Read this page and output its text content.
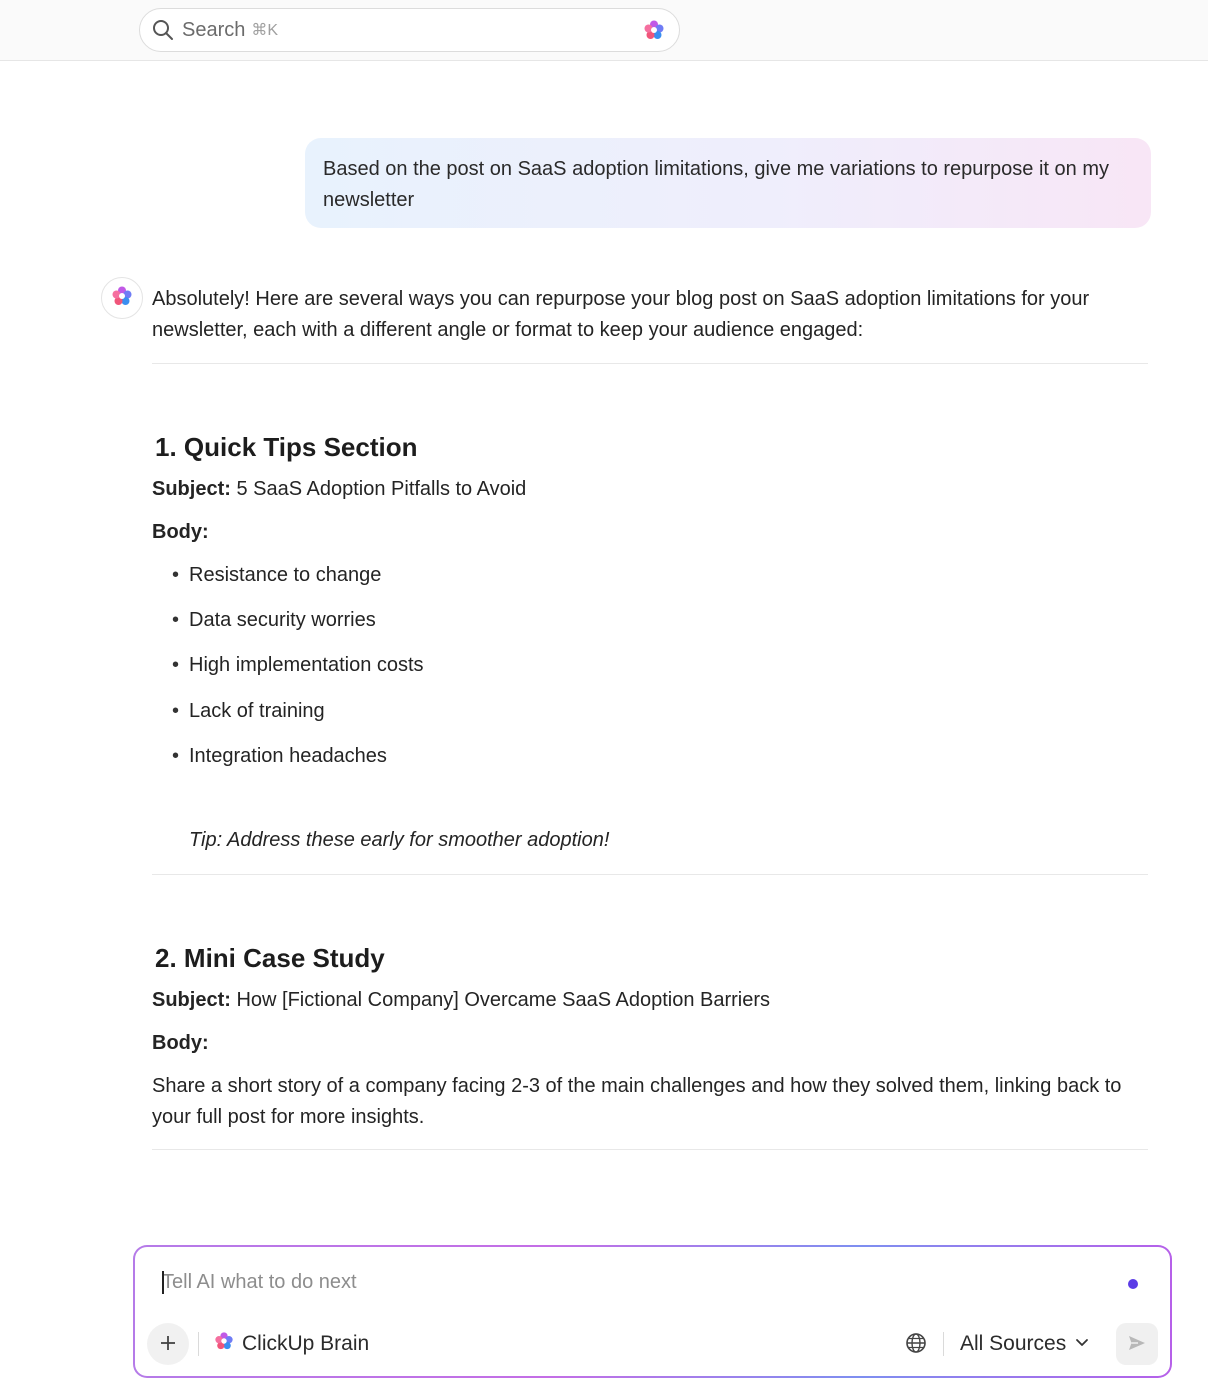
Search ⌘K
Based on the post on SaaS adoption limitations, give me variations to repurpose it on my newsletter

Absolutely! Here are several ways you can repurpose your blog post on SaaS adoption limitations for your newsletter, each with a different angle or format to keep your audience engaged:

1. Quick Tips Section

Subject: 5 SaaS Adoption Pitfalls to Avoid

Body:

• Resistance to change
• Data security worries
• High implementation costs
• Lack of training
• Integration headaches

Tip: Address these early for smoother adoption!

2. Mini Case Study

Subject: How [Fictional Company] Overcame SaaS Adoption Barriers

Body:

Share a short story of a company facing 2-3 of the main challenges and how they solved them, linking back to your full post for more insights.

Tell AI what to do next
ClickUp Brain	All Sources
